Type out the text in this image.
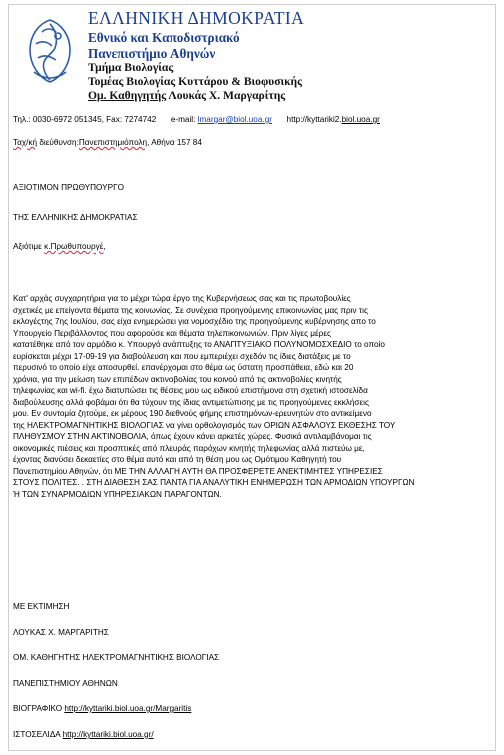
ΕΛΛΗΝΙΚΗ ΔΗΜΟΚΡΑΤΙΑ
Εθνικό και Καποδιστριακό
Πανεπιστήμιο Αθηνών
Τμήμα Βιολογίας
Τομέας Βιολογίας Κυττάρου & Βιοφυσικής
Ομ. Καθηγητής Λουκάς Χ. Μαργαρίτης
Τηλ.: 0030-6972 051345, Fax: 7274742 e-mail: lmargar@biol.uoa.gr http://kyttariki2.biol.uoa.gr
Ταχ/κή διεύθυνση:Πανεπιστημιόπολη, Αθήνα 157 84
ΑΞΙΟΤΙΜΟΝ ΠΡΩΘΥΠΟΥΡΓΟ
ΤΗΣ ΕΛΛΗΝΙΚΗΣ ΔΗΜΟΚΡΑΤΙΑΣ
Αξιότιμε κ.Πρωθυπουργέ,
Κατ' αρχάς συγχαρητήρια για το μέχρι τώρα έργο της Κυβερνήσεως σας και τις πρωτοβουλίες
σχετικές με επείγοντα θέματα της κοινωνίας. Σε συνέχεια προηγούμενης επικοινωνίας μας πριν τις
εκλογέςτης 7ης Ιουλίου, σας είχα ενημερώσει για νομοσχέδιο της προηγούμενης κυβέρνησης απο το
Υπουργείο Περιβάλλοντος που αφορούσε και θέματα τηλεπικοινωνιών. Πριν λίγες μέρες
κατατέθηκε από τον αρμόδιο κ. Υπουργό ανάπτυξης το ΑΝΑΠΤΥΞΙΑΚΟ ΠΟΛΥΝΟΜΟΣΧΕΔΙΟ το οποίο
ευρίσκεται μέχρι 17-09-19 για διαβούλευση και που εμπεριέχει σχεδόν τις ίδιες διατάξεις με το
περυσινό το οποίο είχε αποσυρθεί. επανέρχομαι στο θέμα ως ύστατη προσπάθεια, εδώ και 20
χρόνια, για την μείωση των επιπέδων ακτινοβολίας του κοινού από τις ακτινοβολίες κινητής
τηλεφωνίας και wi-fi. έχω διατυπώσει τις θέσεις μου ως ειδικού επιστήμονα στη σχετική ιστοσελίδα
διαβούλευσης αλλά φοβάμαι ότι θα τύχουν της ίδιας αντιμετώπισης με τις προηγούμενες εκκλήσεις
μου. Εν συντομία ζητούμε, εκ μέρους 190 διεθνούς φήμης επιστημόνων-ερευνητών στο αντικείμενο
της ΗΛΕΚΤΡΟΜΑΓΝΗΤΙΚΗΣ ΒΙΟΛΟΓΙΑΣ να γίνει ορθολογισμός των ΟΡΙΩΝ ΑΣΦΑΛΟΥΣ ΕΚΘΕΣΗΣ ΤΟΥ
ΠΛΗΘΥΣΜΟΥ ΣΤΗΝ ΑΚΤΙΝΟΒΟΛΙΑ, όπως έχουν κάνει αρκετές χώρες. Φυσικά αντιλαμβάνομαι τις
οικονομικές πιέσεις και προσπτικές από πλευράς παρόχων κινητής τηλεφωνίας αλλά πιστεύω με,
έχοντας διανύσει δεκαετίες στο θέμα αυτό και από τη θέση μου ως Ομότιμου Καθηγητή του
Πανεπιστημίου Αθηνών, ότι ΜΕ ΤΗΝ ΑΛΛΑΓΗ ΑΥΤΗ ΘΑ ΠΡΟΣΦΕΡΕΤΕ ΑΝΕΚΤΙΜΗΤΕΣ ΥΠΗΡΕΣΙΕΣ
ΣΤΟΥΣ ΠΟΛΙΤΕΣ. . ΣΤΗ ΔΙΑΘΕΣΗ ΣΑΣ ΠΑΝΤΑ ΓΙΑ ΑΝΑΛΥΤΙΚΗ ΕΝΗΜΕΡΩΣΗ ΤΩΝ ΑΡΜΟΔΙΩΝ ΥΠΟΥΡΓΩΝ
Ή ΤΩΝ ΣΥΝΑΡΜΟΔΙΩΝ ΥΠΗΡΕΣΙΑΚΩΝ ΠΑΡΑΓΟΝΤΩΝ.
ΜΕ ΕΚΤΙΜΗΣΗ
ΛΟΥΚΑΣ Χ. ΜΑΡΓΑΡΙΤΗΣ
ΟΜ. ΚΑΘΗΓΗΤΗΣ ΗΛΕΚΤΡΟΜΑΓΝΗΤΙΚΗΣ ΒΙΟΛΟΓΙΑΣ
ΠΑΝΕΠΙΣΤΗΜΙΟΥ ΑΘΗΝΩΝ
ΒΙΟΓΡΑΦΙΚΟ http://kyttariki.biol.uoa.gr/Margaritis
ΙΣΤΟΣΕΛΙΔΑ http://kyttariki.biol.uoa.gr/
